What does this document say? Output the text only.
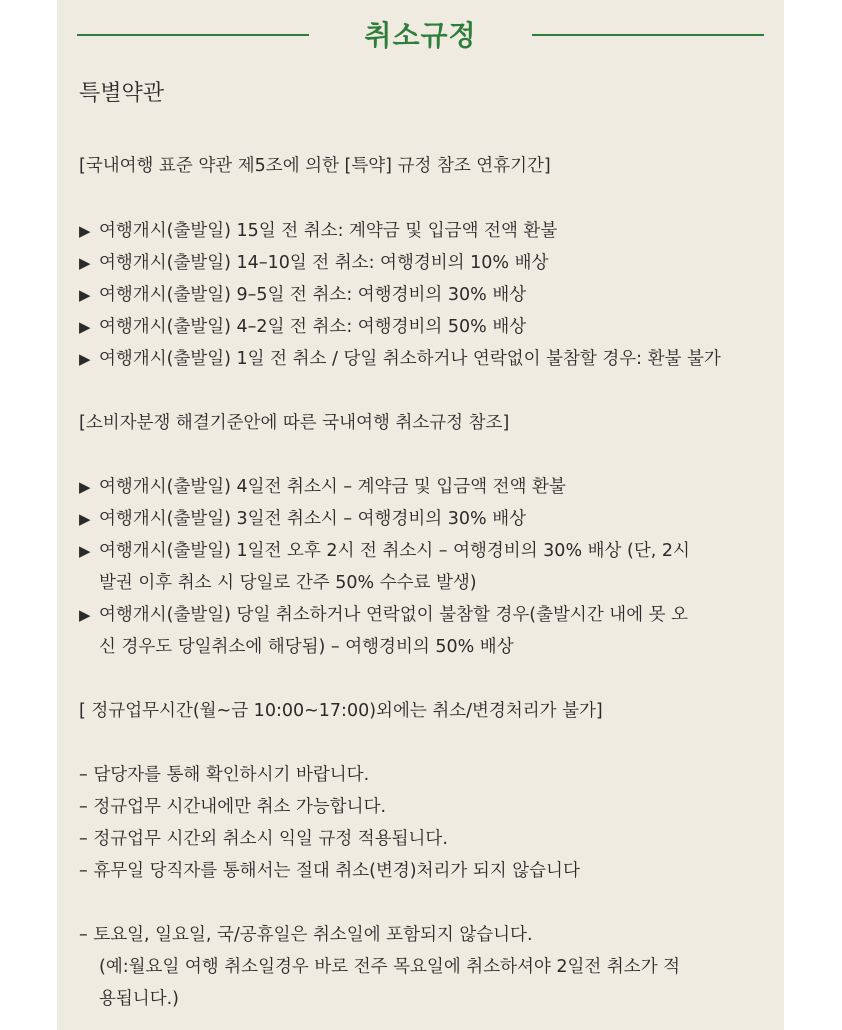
취소규정
특별약관
[국내여행 표준 약관 제5조에 의한 [특약] 규정 참조 연휴기간]
▶ 여행개시(출발일) 15일 전 취소: 계약금 및 입금액 전액 환불
▶ 여행개시(출발일) 14–10일 전 취소: 여행경비의 10% 배상
▶ 여행개시(출발일) 9–5일 전 취소: 여행경비의 30% 배상
▶ 여행개시(출발일) 4–2일 전 취소: 여행경비의 50% 배상
▶ 여행개시(출발일) 1일 전 취소 / 당일 취소하거나 연락없이 불참할 경우: 환불 불가
[소비자분쟁 해결기준안에 따른 국내여행 취소규정 참조]
▶ 여행개시(출발일) 4일전 취소시 – 계약금 및 입금액 전액 환불
▶ 여행개시(출발일) 3일전 취소시 – 여행경비의 30% 배상
▶ 여행개시(출발일) 1일전 오후 2시 전 취소시 – 여행경비의 30% 배상 (단, 2시
발권 이후 취소 시 당일로 간주 50% 수수료 발생)
▶ 여행개시(출발일) 당일 취소하거나 연락없이 불참할 경우(출발시간 내에 못 오
신 경우도 당일취소에 해당됨) – 여행경비의 50% 배상
[ 정규업무시간(월~금 10:00~17:00)외에는 취소/변경처리가 불가]
– 담당자를 통해 확인하시기 바랍니다.
– 정규업무 시간내에만 취소 가능합니다.
– 정규업무 시간외 취소시 익일 규정 적용됩니다.
– 휴무일 당직자를 통해서는 절대 취소(변경)처리가 되지 않습니다
– 토요일, 일요일, 국/공휴일은 취소일에 포함되지 않습니다.
(예:월요일 여행 취소일경우 바로 전주 목요일에 취소하셔야 2일전 취소가 적
용됩니다.)
